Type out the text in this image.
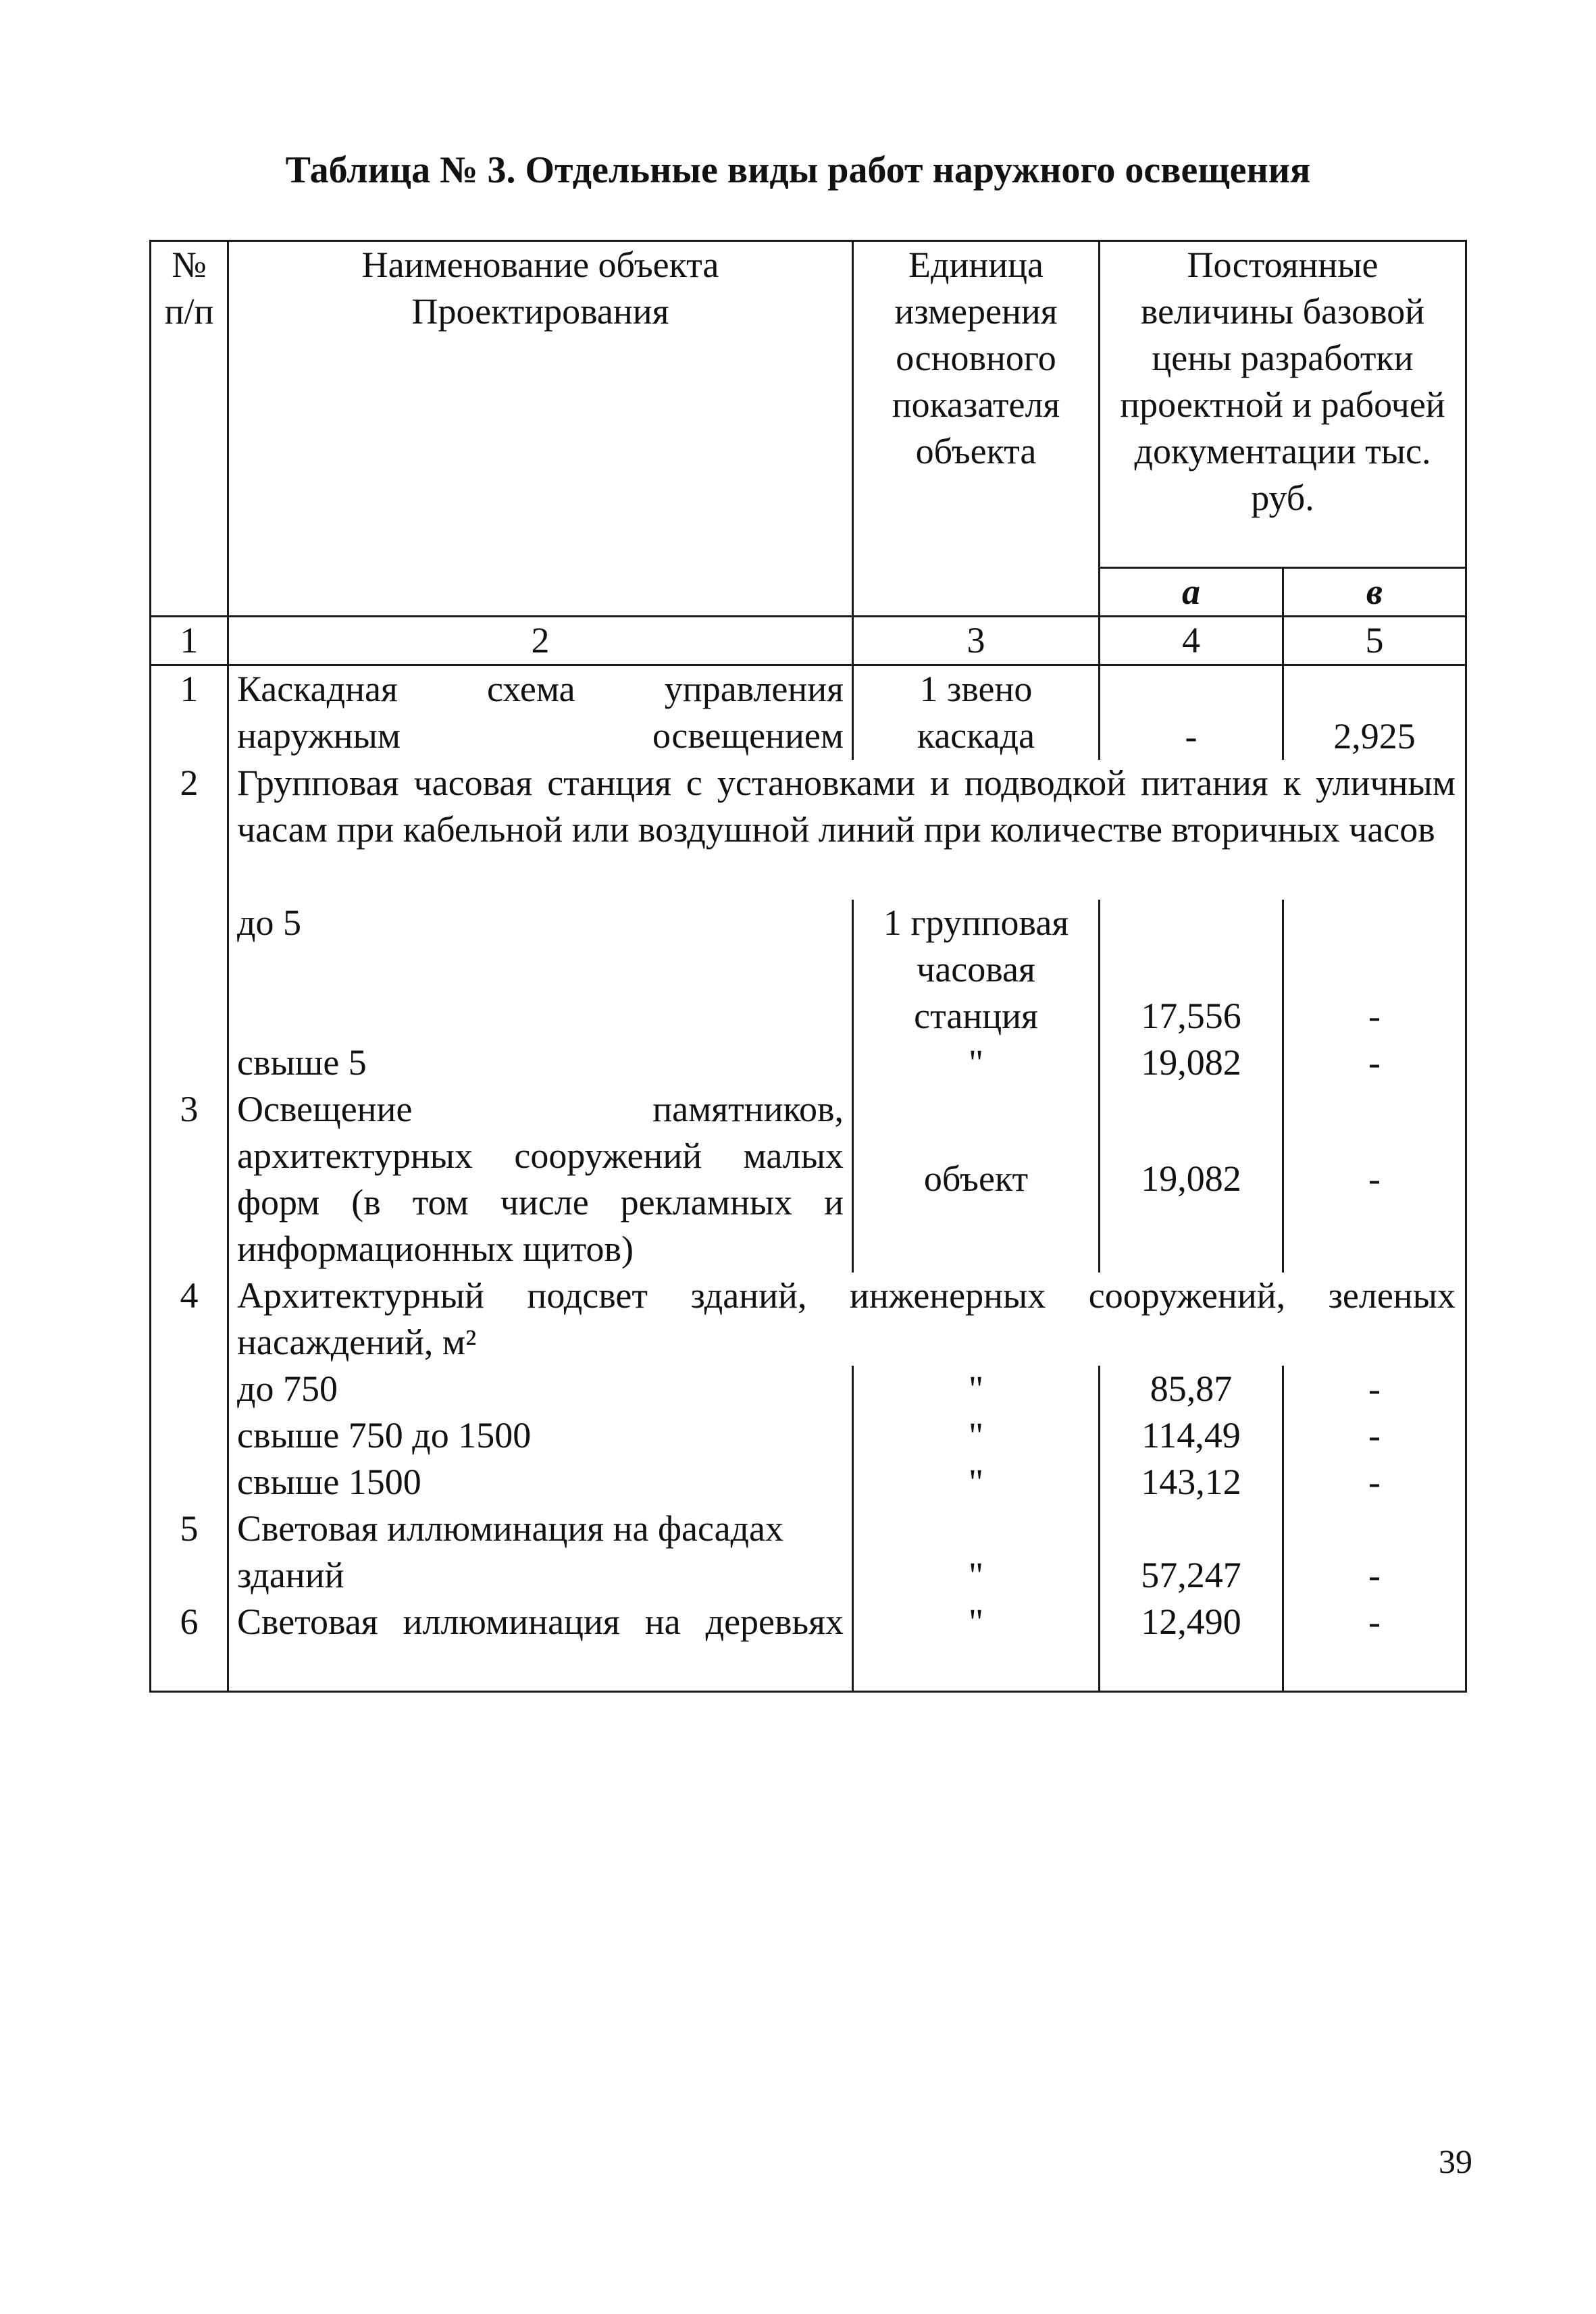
Таблица № 3. Отдельные виды работ наружного освещения
№ п/п	Наименование объекта Проектирования	Единица измерения основного показателя объекта	Постоянные величины базовой цены разработки проектной и рабочей документации тыс. руб.	
			а	в
1	2	3	4	5
1	Каскадная схема управления наружным освещением	1 звено каскада	-	2,925
2	Групповая часовая станция с установками и подводкой питания к уличным часам при кабельной или воздушной линий при количестве вторичных часов			
	до 5	1 групповая часовая станция	17,556	-
	свыше 5	"	19,082	-
3	Освещение памятников, архитектурных сооружений малых форм (в том числе рекламных и информационных щитов)	объект	19,082	-
4	Архитектурный подсвет зданий, инженерных сооружений, зеленых насаждений, м²			
	до 750	"	85,87	-
	свыше 750 до 1500	"	114,49	-
	свыше 1500	"	143,12	-
5	Световая иллюминация на фасадах зданий	"	57,247	-
6	Световая иллюминация на деревьях	"	12,490	-
39
